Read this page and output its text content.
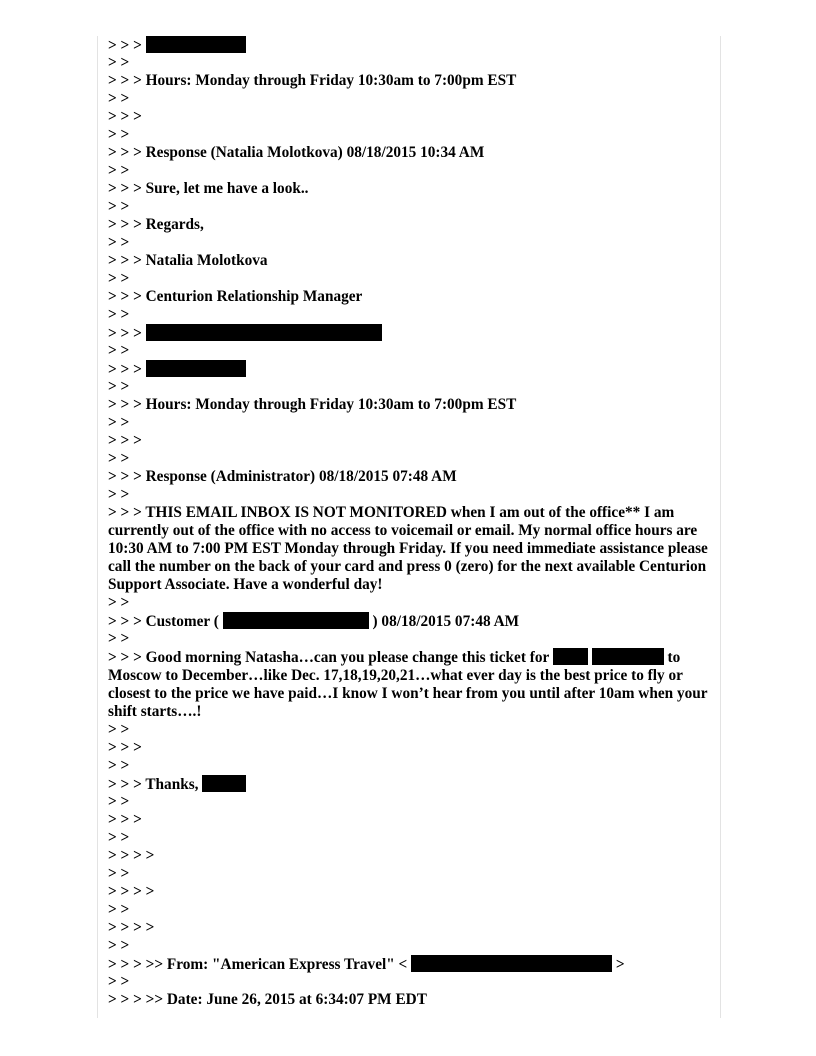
> > >
> >
> > > Hours: Monday through Friday 10:30am to 7:00pm EST
> >
> > >
> >
> > > Response (Natalia Molotkova) 08/18/2015 10:34 AM
> >
> > > Sure, let me have a look..
> >
> > > Regards,
> >
> > > Natalia Molotkova
> >
> > > Centurion Relationship Manager
> >
> > >
> >
> > >
> >
> > > Hours: Monday through Friday 10:30am to 7:00pm EST
> >
> > >
> >
> > > Response (Administrator) 08/18/2015 07:48 AM
> >
> > > THIS EMAIL INBOX IS NOT MONITORED when I am out of the office** I am currently out of the office with no access to voicemail or email. My normal office hours are 10:30 AM to 7:00 PM EST Monday through Friday. If you need immediate assistance please call the number on the back of your card and press 0 (zero) for the next available Centurion Support Associate. Have a wonderful day!
> >
> > > Customer (	) 08/18/2015 07:48 AM
> >
> > > Good morning Natasha…can you please change this ticket for	to Moscow to December…like Dec. 17,18,19,20,21…what ever day is the best price to fly or closest to the price we have paid…I know I won’t hear from you until after 10am when your shift starts….!
> >
> > >
> >
> > > Thanks,
> >
> > >
> >
> > > >
> >
> > > >
> >
> > > >
> >
> > > >> From: "American Express Travel" <	>
> >
> > > >> Date: June 26, 2015 at 6:34:07 PM EDT
